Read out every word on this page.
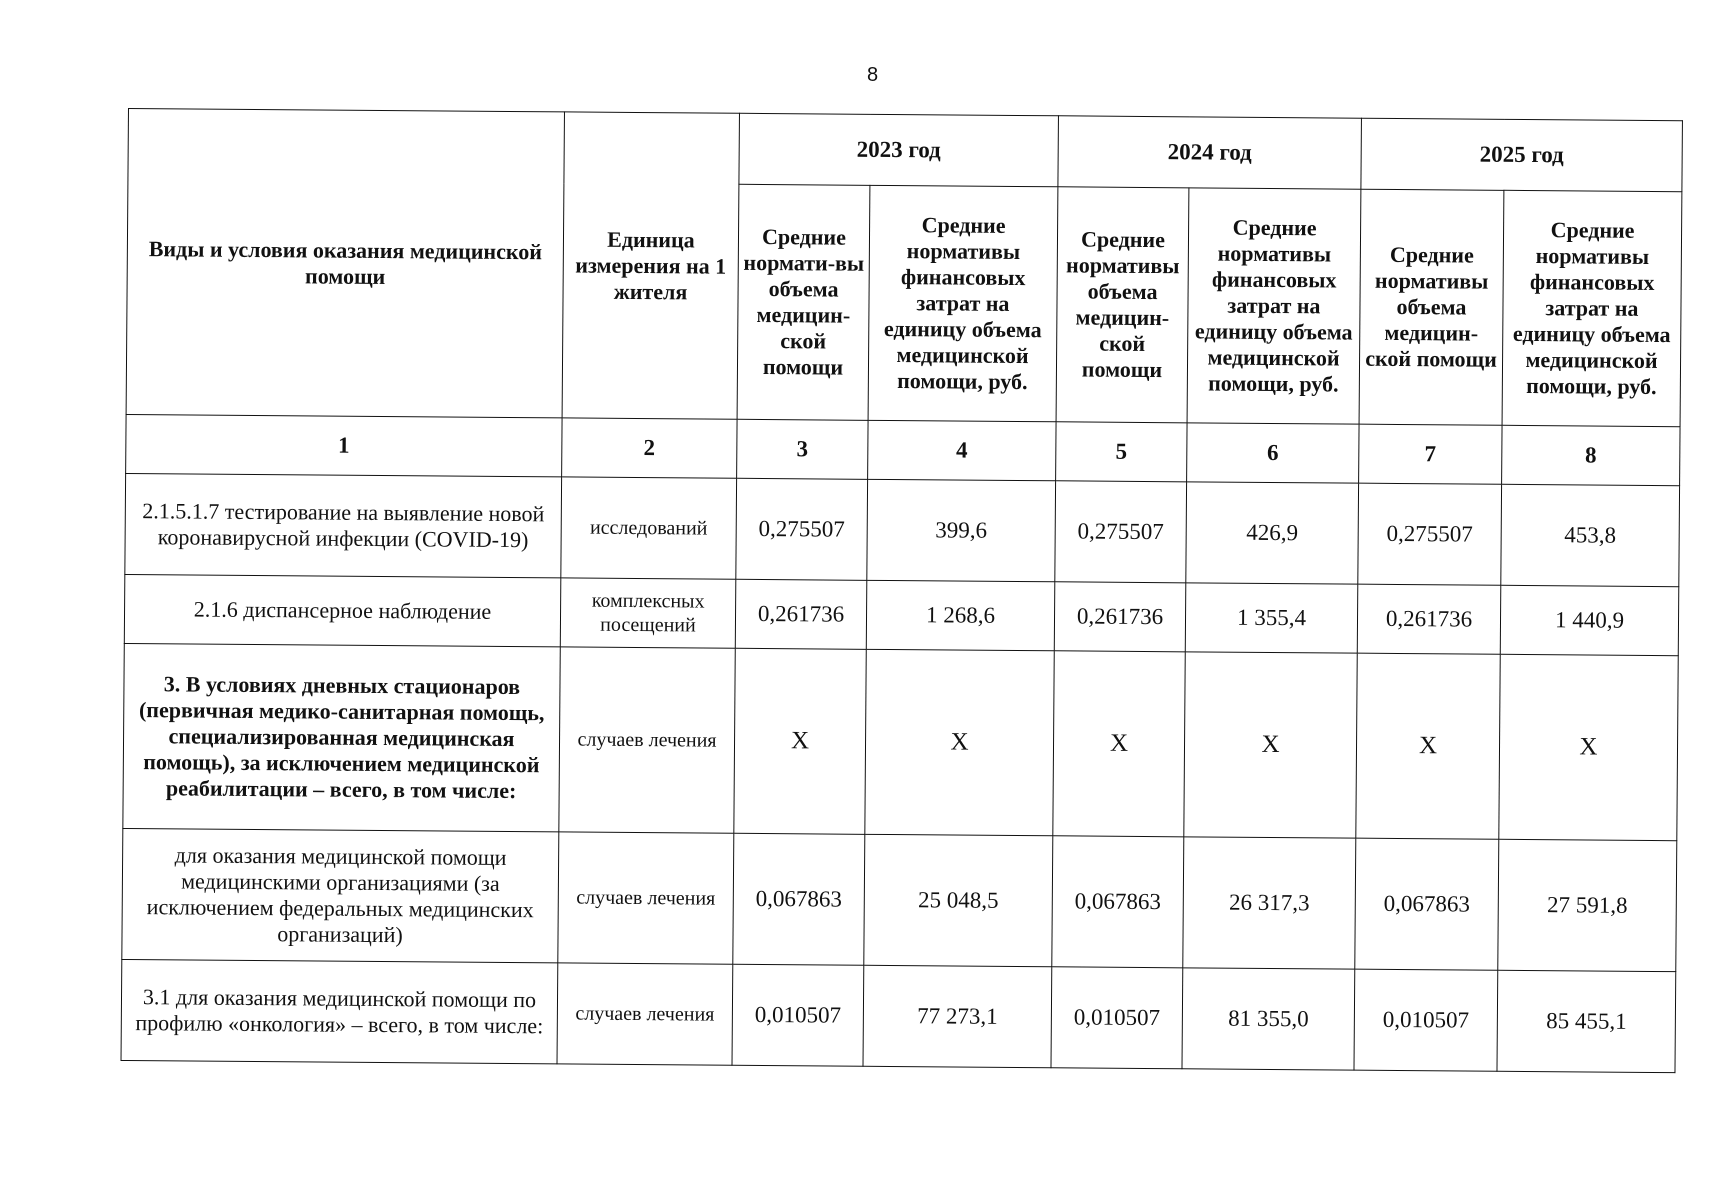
8
Виды и условия оказания медицинской помощи	Единица измерения на 1 жителя	2023 год		2024 год		2025 год	
		Средние нормати-вы объема медицин-ской помощи	Средние нормативы финансовых затрат на единицу объема медицинской помощи, руб.	Средние нормативы объема медицин-ской помощи	Средние нормативы финансовых затрат на единицу объема медицинской помощи, руб.	Средние нормативы объема медицин-ской помощи	Средние нормативы финансовых затрат на единицу объема медицинской помощи, руб.
1	2	3	4	5	6	7	8
2.1.5.1.7 тестирование на выявление новой коронавирусной инфекции (COVID-19)	исследований	0,275507	399,6	0,275507	426,9	0,275507	453,8
2.1.6 диспансерное наблюдение	комплексных посещений	0,261736	1 268,6	0,261736	1 355,4	0,261736	1 440,9
3. В условиях дневных стационаров (первичная медико-санитарная помощь, специализированная медицинская помощь), за исключением медицинской реабилитации – всего, в том числе:	случаев лечения	X	X	X	X	X	X
для оказания медицинской помощи медицинскими организациями (за исключением федеральных медицинских организаций)	случаев лечения	0,067863	25 048,5	0,067863	26 317,3	0,067863	27 591,8
3.1 для оказания медицинской помощи по профилю «онкология» – всего, в том числе:	случаев лечения	0,010507	77 273,1	0,010507	81 355,0	0,010507	85 455,1
